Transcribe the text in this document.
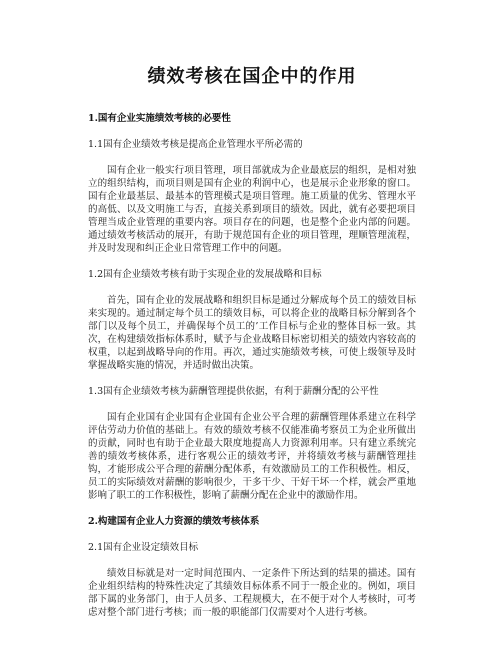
绩效考核在国企中的作用

1.国有企业实施绩效考核的必要性

1.1国有企业绩效考核是提高企业管理水平所必需的

国有企业一般实行项目管理，项目部就成为企业最底层的组织，是相对独立的组织结构，而项目则是国有企业的利润中心，也是展示企业形象的窗口。国有企业最基层、最基本的管理模式是项目管理。施工质量的优劣、管理水平的高低、以及文明施工与否，直接关系到项目的绩效。因此，就有必要把项目管理当成企业管理的重要内容。项目存在的问题，也是整个企业内部的问题。通过绩效考核活动的展开，有助于规范国有企业的项目管理，理顺管理流程，并及时发现和纠正企业日常管理工作中的问题。

1.2国有企业绩效考核有助于实现企业的发展战略和目标

首先，国有企业的发展战略和组织目标是通过分解成每个员工的绩效目标来实现的。通过制定每个员工的绩效目标，可以将企业的战略目标分解到各个部门以及每个员工，并确保每个员工的’工作目标与企业的整体目标一致。其次，在构建绩效指标体系时，赋予与企业战略目标密切相关的绩效内容较高的权重，以起到战略导向的作用。再次，通过实施绩效考核，可使上级领导及时掌握战略实施的情况，并适时做出决策。

1.3国有企业绩效考核为薪酬管理提供依据，有利于薪酬分配的公平性

国有企业国有企业国有企业国有企业公平合理的薪酬管理体系建立在科学评估劳动力价值的基础上。有效的绩效考核不仅能准确考察员工为企业所做出的贡献，同时也有助于企业最大限度地提高人力资源利用率。只有建立系统完善的绩效考核体系，进行客观公正的绩效考评，并将绩效考核与薪酬管理挂钩，才能形成公平合理的薪酬分配体系，有效激励员工的工作积极性。相反，员工的实际绩效对薪酬的影响很少，干多干少、干好干坏一个样，就会严重地影响了职工的工作积极性，影响了薪酬分配在企业中的激励作用。

2.构建国有企业人力资源的绩效考核体系

2.1国有企业设定绩效目标

绩效目标就是对一定时间范围内、一定条件下所达到的结果的描述。国有企业组织结构的特殊性决定了其绩效目标体系不同于一般企业的。例如，项目部下属的业务部门，由于人员多、工程规模大，在不便于对个人考核时，可考虑对整个部门进行考核；而一般的职能部门仅需要对个人进行考核。
